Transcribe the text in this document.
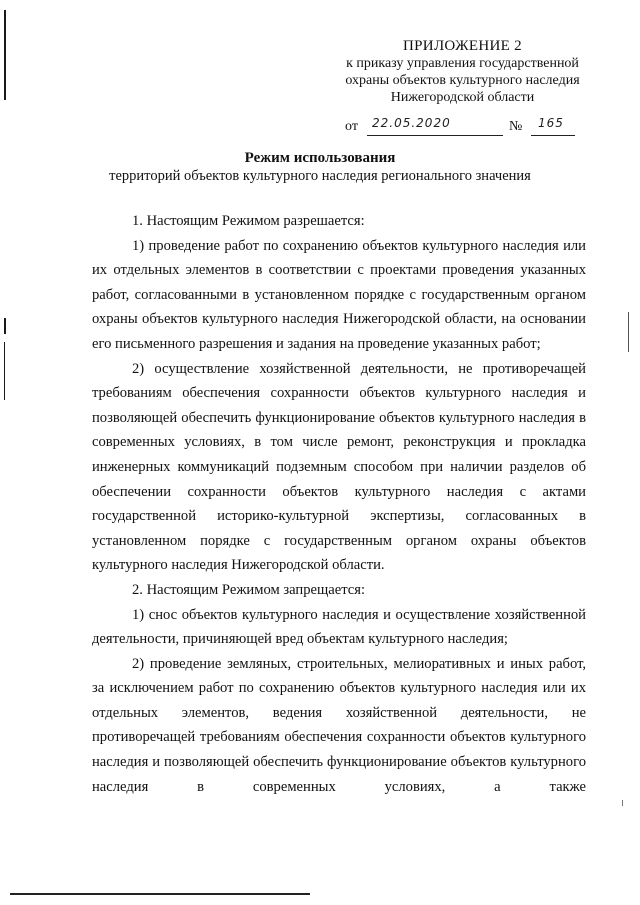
ПРИЛОЖЕНИЕ 2
к приказу управления государственной
охраны объектов культурного наследия
Нижегородской области
от 22.05.2020	№ 165
Режим использования
территорий объектов культурного наследия регионального значения

1. Настоящим Режимом разрешается:

1) проведение работ по сохранению объектов культурного наследия или их отдельных элементов в соответствии с проектами проведения указанных работ, согласованными в установленном порядке с государственным органом охраны объектов культурного наследия Нижегородской области, на основании его письменного разрешения и задания на проведение указанных работ;

2) осуществление хозяйственной деятельности, не противоречащей требованиям обеспечения сохранности объектов культурного наследия и позволяющей обеспечить функционирование объектов культурного наследия в современных условиях, в том числе ремонт, реконструкция и прокладка инженерных коммуникаций подземным способом при наличии разделов об обеспечении сохранности объектов культурного наследия с актами государственной историко-культурной экспертизы, согласованных в установленном порядке с государственным органом охраны объектов культурного наследия Нижегородской области.

2. Настоящим Режимом запрещается:

1) снос объектов культурного наследия и осуществление хозяйственной деятельности, причиняющей вред объектам культурного наследия;

2) проведение земляных, строительных, мелиоративных и иных работ, за исключением работ по сохранению объектов культурного наследия или их отдельных элементов, ведения хозяйственной деятельности, не противоречащей требованиям обеспечения сохранности объектов культурного наследия и позволяющей обеспечить функционирование объектов культурного наследия в современных условиях, а также
